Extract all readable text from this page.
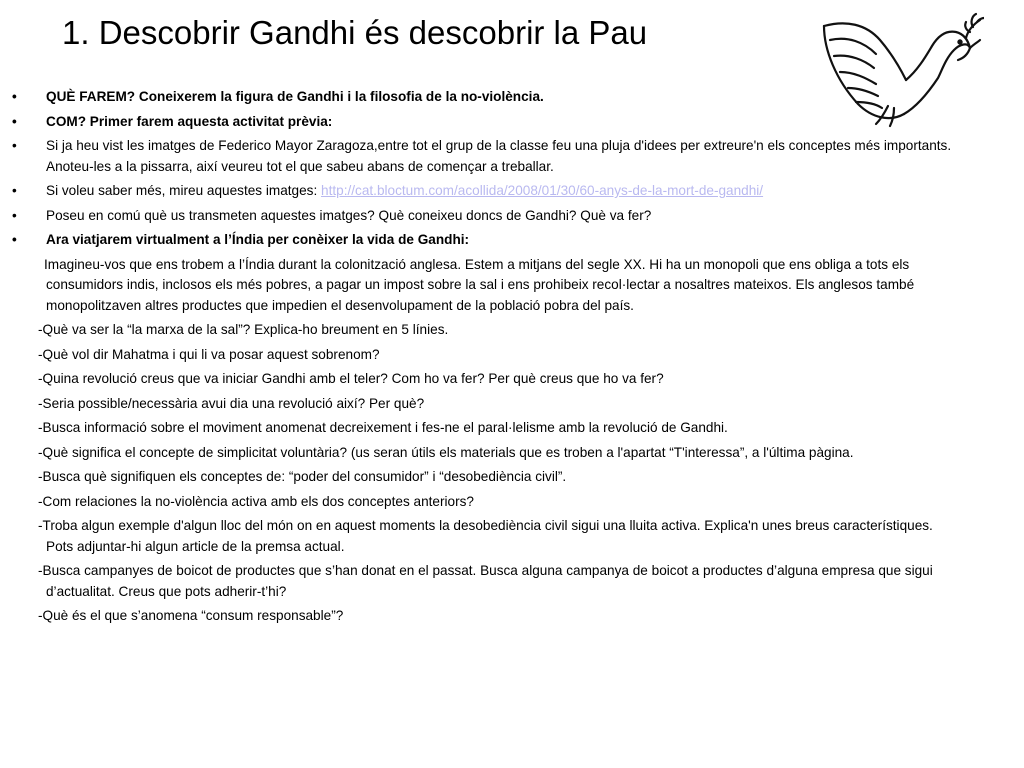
1. Descobrir Gandhi és descobrir la Pau
•	QUÈ FAREM? Coneixerem la figura de Gandhi i la filosofia de la no-violència.
•	COM? Primer farem aquesta activitat prèvia:
•	Si ja heu vist les imatges de Federico Mayor Zaragoza,entre tot el grup de la classe feu una pluja d'idees per extreure'n els conceptes més importants. Anoteu-les a la pissarra, així veureu tot el que sabeu abans de començar a treballar.
•	Si voleu saber més, mireu aquestes imatges: http://cat.bloctum.com/acollida/2008/01/30/60-anys-de-la-mort-de-gandhi/
•	Poseu en comú què us transmeten aquestes imatges? Què coneixeu doncs de Gandhi? Què va fer?
•	Ara viatjarem virtualment a l’Índia per conèixer la vida de Gandhi:
Imagineu-vos que ens trobem a l’Índia durant la colonització anglesa. Estem a mitjans del segle XX. Hi ha un monopoli que ens obliga a tots els consumidors indis, inclosos els més pobres, a pagar un impost sobre la sal i ens prohibeix recol·lectar a nosaltres mateixos. Els anglesos també monopolitzaven altres productes que impedien el desenvolupament de la població pobra del país.
-Què va ser la “la marxa de la sal”? Explica-ho breument en 5 línies.
-Què vol dir Mahatma i qui li va posar aquest sobrenom?
-Quina revolució creus que va iniciar Gandhi amb el teler? Com ho va fer? Per què creus que ho va fer?
-Seria possible/necessària avui dia una revolució així? Per què?
-Busca informació sobre el moviment anomenat decreixement i fes-ne el paral·lelisme amb la revolució de Gandhi.
-Què significa el concepte de simplicitat voluntària? (us seran útils els materials que es troben a l'apartat “T'interessa”, a l'última pàgina.
-Busca què signifiquen els conceptes de: “poder del consumidor” i “desobediència civil”.
-Com relaciones la no-violència activa amb els dos conceptes anteriors?
-Troba algun exemple d'algun lloc del món on en aquest moments la desobediència civil sigui una lluita activa. Explica'n unes breus característiques. Pots adjuntar-hi algun article de la premsa actual.
-Busca campanyes de boicot de productes que s’han donat en el passat. Busca alguna campanya de boicot a productes d’alguna empresa que sigui d’actualitat. Creus que pots adherir-t’hi?
-Què és el que s’anomena “consum responsable”?
